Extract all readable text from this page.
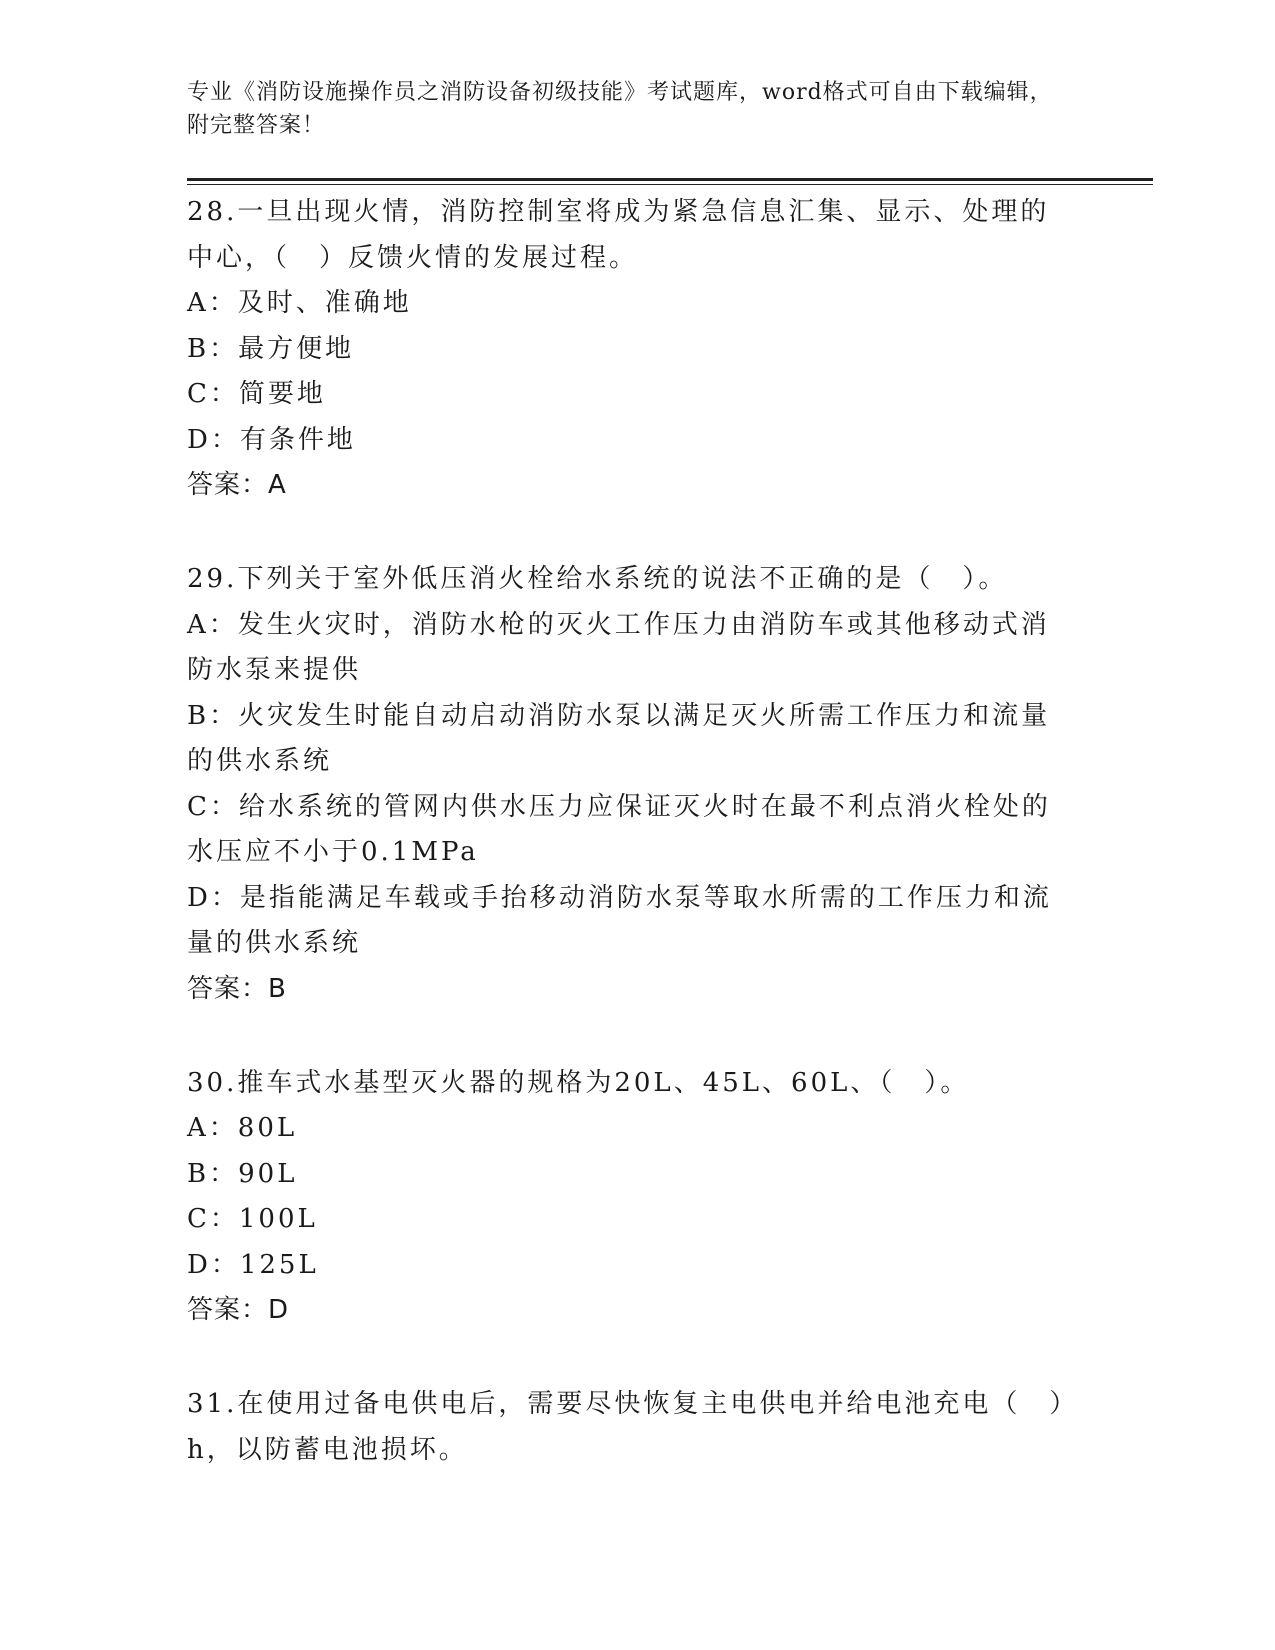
专业《消防设施操作员之消防设备初级技能》考试题库，word格式可自由下载编辑，附完整答案！
28.一旦出现火情，消防控制室将成为紧急信息汇集、显示、处理的中心，（　）反馈火情的发展过程。
A：及时、准确地
B：最方便地
C：简要地
D：有条件地
答案：A
29.下列关于室外低压消火栓给水系统的说法不正确的是（　）。
A：发生火灾时，消防水枪的灭火工作压力由消防车或其他移动式消防水泵来提供
B：火灾发生时能自动启动消防水泵以满足灭火所需工作压力和流量的供水系统
C：给水系统的管网内供水压力应保证灭火时在最不利点消火栓处的水压应不小于0.1MPa
D：是指能满足车载或手抬移动消防水泵等取水所需的工作压力和流量的供水系统
答案：B
30.推车式水基型灭火器的规格为20L、45L、60L、（　）。
A：80L
B：90L
C：100L
D：125L
答案：D
31.在使用过备电供电后，需要尽快恢复主电供电并给电池充电（　）h，以防蓄电池损坏。
